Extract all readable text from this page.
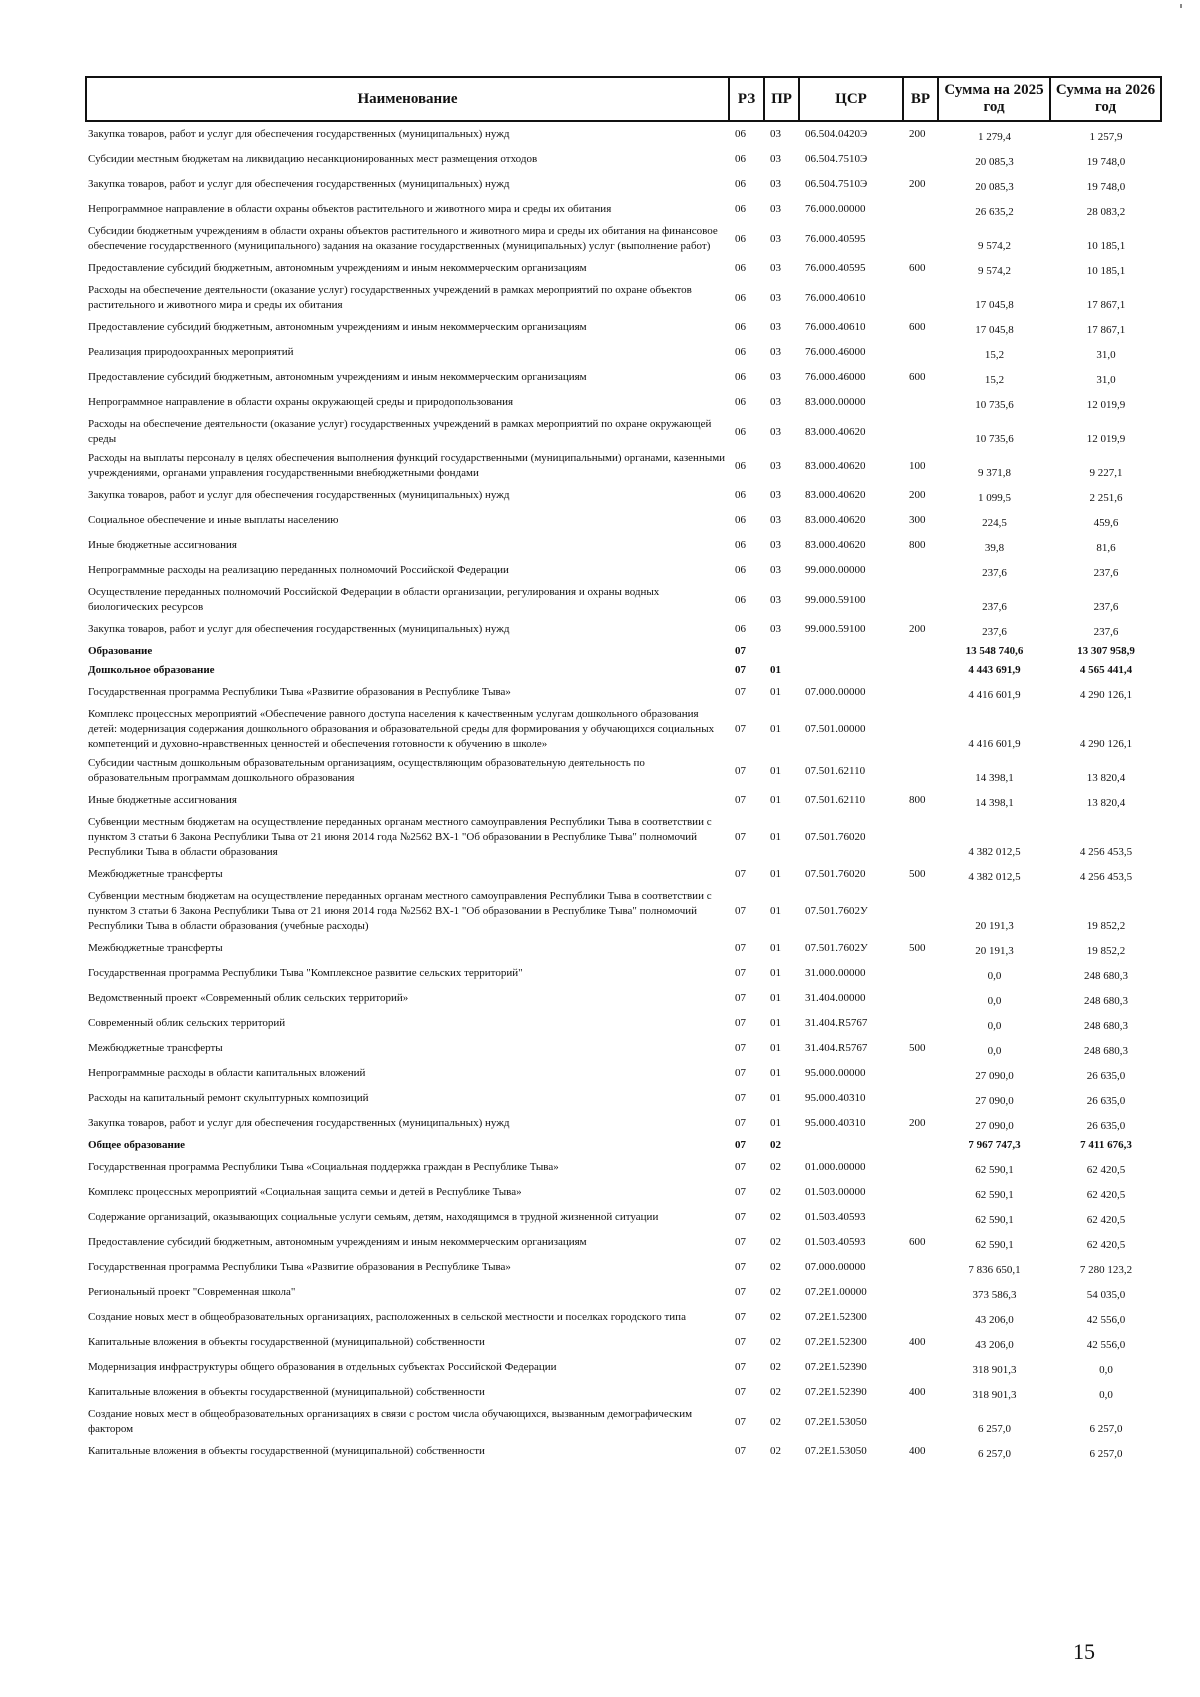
Наименование	РЗ	ПР	ЦСР	ВР	Сумма на 2025 год	Сумма на 2026 год
Закупка товаров, работ и услуг для обеспечения государственных (муниципальных) нужд	06	03	06.504.0420Э	200	1 279,4	1 257,9
Субсидии местным бюджетам на ликвидацию несанкционированных мест размещения отходов	06	03	06.504.7510Э		20 085,3	19 748,0
Закупка товаров, работ и услуг для обеспечения государственных (муниципальных) нужд	06	03	06.504.7510Э	200	20 085,3	19 748,0
Непрограммное направление в области охраны объектов растительного и животного мира и среды их обитания	06	03	76.000.00000		26 635,2	28 083,2
Субсидии бюджетным учреждениям в области охраны объектов растительного и животного мира и среды их обитания на финансовое обеспечение государственного (муниципального) задания на оказание государственных (муниципальных) услуг (выполнение работ)	06	03	76.000.40595		9 574,2	10 185,1
Предоставление субсидий бюджетным, автономным учреждениям и иным некоммерческим организациям	06	03	76.000.40595	600	9 574,2	10 185,1
Расходы на обеспечение деятельности (оказание услуг) государственных учреждений в рамках мероприятий по охране объектов растительного и животного мира и среды их обитания	06	03	76.000.40610		17 045,8	17 867,1
Предоставление субсидий бюджетным, автономным учреждениям и иным некоммерческим организациям	06	03	76.000.40610	600	17 045,8	17 867,1
Реализация природоохранных мероприятий	06	03	76.000.46000		15,2	31,0
Предоставление субсидий бюджетным, автономным учреждениям и иным некоммерческим организациям	06	03	76.000.46000	600	15,2	31,0
Непрограммное направление в области охраны окружающей среды и природопользования	06	03	83.000.00000		10 735,6	12 019,9
Расходы на обеспечение деятельности (оказание услуг) государственных учреждений в рамках мероприятий по охране окружающей среды	06	03	83.000.40620		10 735,6	12 019,9
Расходы на выплаты персоналу в целях обеспечения выполнения функций государственными (муниципальными) органами, казенными учреждениями, органами управления государственными внебюджетными фондами	06	03	83.000.40620	100	9 371,8	9 227,1
Закупка товаров, работ и услуг для обеспечения государственных (муниципальных) нужд	06	03	83.000.40620	200	1 099,5	2 251,6
Социальное обеспечение и иные выплаты населению	06	03	83.000.40620	300	224,5	459,6
Иные бюджетные ассигнования	06	03	83.000.40620	800	39,8	81,6
Непрограммные расходы на реализацию переданных полномочий Российской Федерации	06	03	99.000.00000		237,6	237,6
Осуществление переданных полномочий Российской Федерации в области организации, регулирования и охраны водных биологических ресурсов	06	03	99.000.59100		237,6	237,6
Закупка товаров, работ и услуг для обеспечения государственных (муниципальных) нужд	06	03	99.000.59100	200	237,6	237,6
Образование	07				13 548 740,6	13 307 958,9
Дошкольное образование	07	01			4 443 691,9	4 565 441,4
Государственная программа Республики Тыва «Развитие образования в Республике Тыва»	07	01	07.000.00000		4 416 601,9	4 290 126,1
Комплекс процессных мероприятий «Обеспечение равного доступа населения к качественным услугам дошкольного образования детей: модернизация содержания дошкольного образования и образовательной среды для формирования у обучающихся социальных компетенций и духовно-нравственных ценностей и обеспечения готовности к обучению в школе»	07	01	07.501.00000		4 416 601,9	4 290 126,1
Субсидии частным дошкольным образовательным организациям, осуществляющим образовательную деятельность по образовательным программам дошкольного образования	07	01	07.501.62110		14 398,1	13 820,4
Иные бюджетные ассигнования	07	01	07.501.62110	800	14 398,1	13 820,4
Субвенции местным бюджетам на осуществление переданных органам местного самоуправления Республики Тыва в соответствии с пунктом 3 статьи 6 Закона Республики Тыва от 21 июня 2014 года №2562 ВХ-1 "Об образовании в Республике Тыва" полномочий Республики Тыва в области образования	07	01	07.501.76020		4 382 012,5	4 256 453,5
Межбюджетные трансферты	07	01	07.501.76020	500	4 382 012,5	4 256 453,5
Субвенции местным бюджетам на осуществление переданных органам местного самоуправления Республики Тыва в соответствии с пунктом 3 статьи 6 Закона Республики Тыва от 21 июня 2014 года №2562 ВХ-1 "Об образовании в Республике Тыва" полномочий Республики Тыва в области образования (учебные расходы)	07	01	07.501.7602У		20 191,3	19 852,2
Межбюджетные трансферты	07	01	07.501.7602У	500	20 191,3	19 852,2
Государственная программа Республики Тыва "Комплексное развитие сельских территорий"	07	01	31.000.00000		0,0	248 680,3
Ведомственный проект «Современный облик сельских территорий»	07	01	31.404.00000		0,0	248 680,3
Современный облик сельских территорий	07	01	31.404.R5767		0,0	248 680,3
Межбюджетные трансферты	07	01	31.404.R5767	500	0,0	248 680,3
Непрограммные расходы в области капитальных вложений	07	01	95.000.00000		27 090,0	26 635,0
Расходы на капитальный ремонт скульптурных композиций	07	01	95.000.40310		27 090,0	26 635,0
Закупка товаров, работ и услуг для обеспечения государственных (муниципальных) нужд	07	01	95.000.40310	200	27 090,0	26 635,0
Общее образование	07	02			7 967 747,3	7 411 676,3
Государственная программа Республики Тыва «Социальная поддержка граждан в Республике Тыва»	07	02	01.000.00000		62 590,1	62 420,5
Комплекс процессных мероприятий «Социальная защита семьи и детей в Республике Тыва»	07	02	01.503.00000		62 590,1	62 420,5
Содержание организаций, оказывающих социальные услуги семьям, детям, находящимся в трудной жизненной ситуации	07	02	01.503.40593		62 590,1	62 420,5
Предоставление субсидий бюджетным, автономным учреждениям и иным некоммерческим организациям	07	02	01.503.40593	600	62 590,1	62 420,5
Государственная программа Республики Тыва «Развитие образования в Республике Тыва»	07	02	07.000.00000		7 836 650,1	7 280 123,2
Региональный проект "Современная школа"	07	02	07.2Е1.00000		373 586,3	54 035,0
Создание новых мест в общеобразовательных организациях, расположенных в сельской местности и поселках городского типа	07	02	07.2Е1.52300		43 206,0	42 556,0
Капитальные вложения в объекты государственной (муниципальной) собственности	07	02	07.2Е1.52300	400	43 206,0	42 556,0
Модернизация инфраструктуры общего образования в отдельных субъектах Российской Федерации	07	02	07.2Е1.52390		318 901,3	0,0
Капитальные вложения в объекты государственной (муниципальной) собственности	07	02	07.2Е1.52390	400	318 901,3	0,0
Создание новых мест в общеобразовательных организациях в связи с ростом числа обучающихся, вызванным демографическим фактором	07	02	07.2Е1.53050		6 257,0	6 257,0
Капитальные вложения в объекты государственной (муниципальной) собственности	07	02	07.2Е1.53050	400	6 257,0	6 257,0
15
